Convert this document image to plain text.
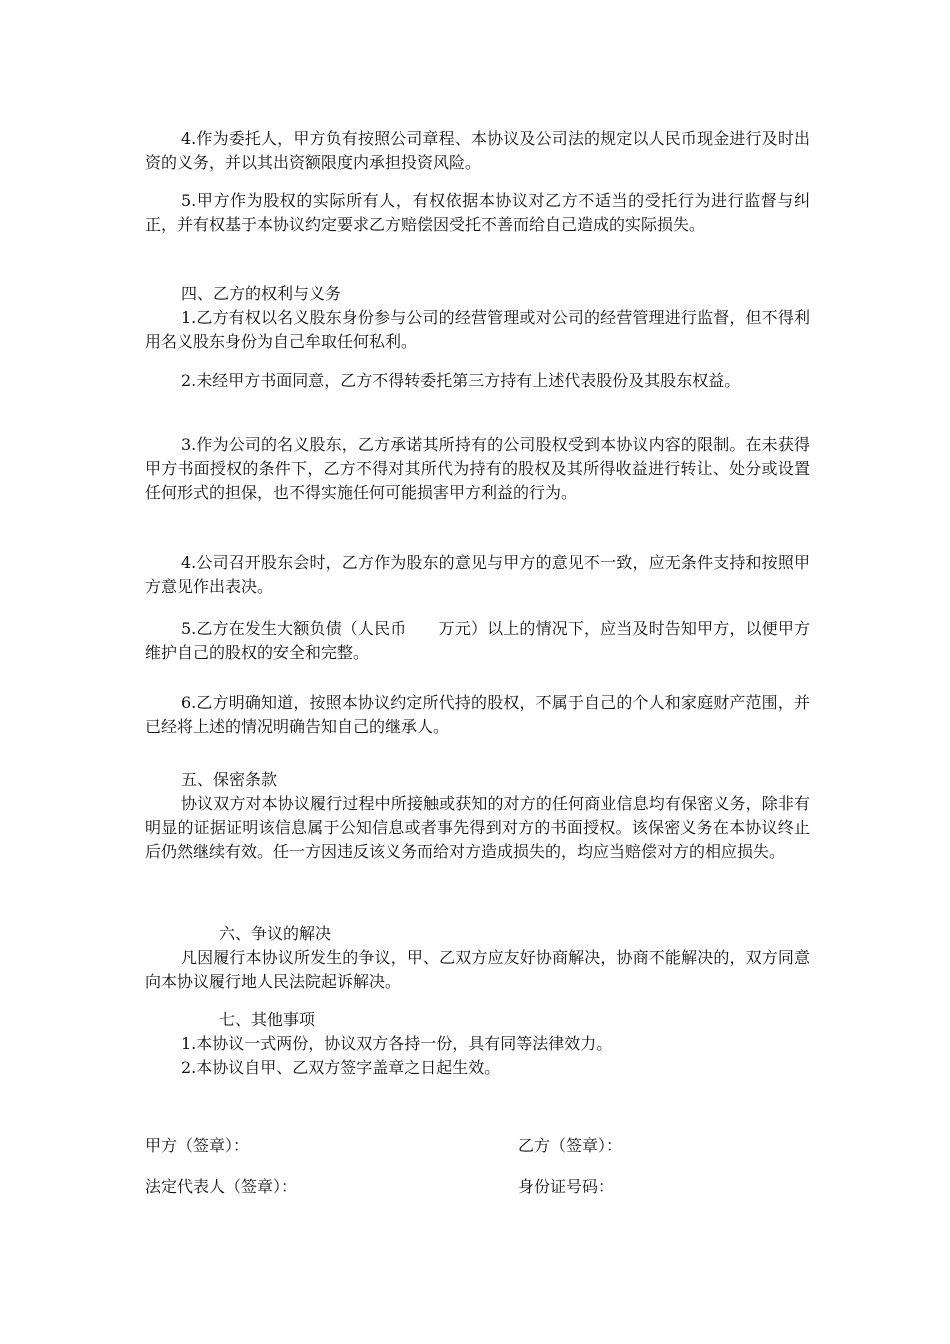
4.作为委托人，甲方负有按照公司章程、本协议及公司法的规定以人民币现金进行及时出资的义务，并以其出资额限度内承担投资风险。

5.甲方作为股权的实际所有人，有权依据本协议对乙方不适当的受托行为进行监督与纠正，并有权基于本协议约定要求乙方赔偿因受托不善而给自己造成的实际损失。

四、乙方的权利与义务

1.乙方有权以名义股东身份参与公司的经营管理或对公司的经营管理进行监督，但不得利用名义股东身份为自己牟取任何私利。

2.未经甲方书面同意，乙方不得转委托第三方持有上述代表股份及其股东权益。

3.作为公司的名义股东，乙方承诺其所持有的公司股权受到本协议内容的限制。在未获得甲方书面授权的条件下，乙方不得对其所代为持有的股权及其所得收益进行转让、处分或设置任何形式的担保，也不得实施任何可能损害甲方利益的行为。

4.公司召开股东会时，乙方作为股东的意见与甲方的意见不一致，应无条件支持和按照甲方意见作出表决。

5.乙方在发生大额负债（人民币　　万元）以上的情况下，应当及时告知甲方，以便甲方维护自己的股权的安全和完整。

6.乙方明确知道，按照本协议约定所代持的股权，不属于自己的个人和家庭财产范围，并已经将上述的情况明确告知自己的继承人。

五、保密条款

协议双方对本协议履行过程中所接触或获知的对方的任何商业信息均有保密义务，除非有明显的证据证明该信息属于公知信息或者事先得到对方的书面授权。该保密义务在本协议终止后仍然继续有效。任一方因违反该义务而给对方造成损失的，均应当赔偿对方的相应损失。

六、争议的解决

凡因履行本协议所发生的争议，甲、乙双方应友好协商解决，协商不能解决的，双方同意向本协议履行地人民法院起诉解决。

七、其他事项

1.本协议一式两份，协议双方各持一份，具有同等法律效力。

2.本协议自甲、乙双方签字盖章之日起生效。

甲方（签章）：	乙方（签章）：

法定代表人（签章）：	身份证号码：
